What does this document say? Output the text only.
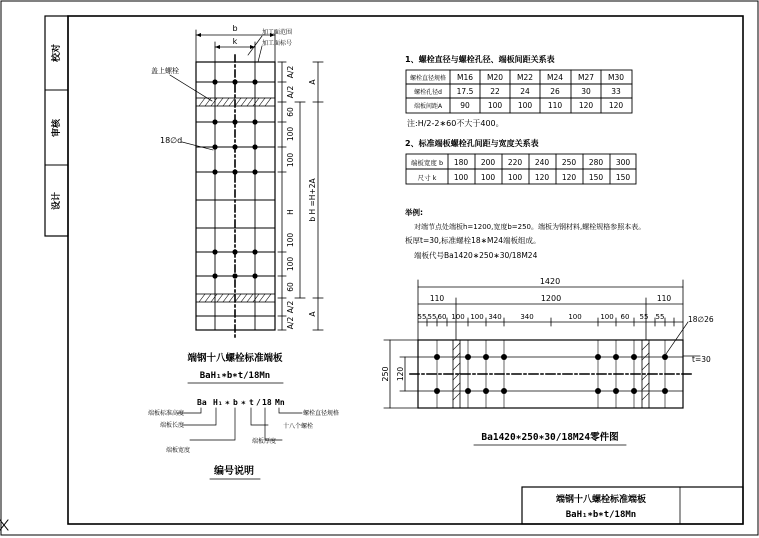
校对
审核
设计
b
k
加工面范围
加工面标号
盖上螺栓
18∅d
A/2
A/2
60
100
100
H
100
100
60
A/2
A/2
A
b H =H+2A
A
端钢十八螺栓标准端板
BaH₁∗b∗t/18Mn
Ba H₁ ∗ b ∗ t / 18 Mn
端板标准高度
端板长度
端板宽度
端板厚度
十八个螺栓
螺栓直径规格
编号说明
1、螺栓直径与螺栓孔径、端板间距关系表
螺栓直径规格 M16 M20 M22 M24 M27 M30
螺栓孔径d 17.5 22	24	26	30	33
端板间距A 90 100 100 110 120 120
注:H/2-2∗60不大于400。
2、标准端板螺栓孔间距与宽度关系表
端板宽度 b 180 200 220 240 250 280 300
尺寸 k 100 100 100 120 120 150 150
举例:
对端节点处端板h=1200,宽度b=250。端板为钢材料,螺栓规格参照本表。
板厚t=30,标准螺栓18∗M24端板组成。
端板代号Ba1420∗250∗30/18M24
1420
110	1200	110
55 55 60 100 100 340	340	100	100 60 55 55
250 120
18∅26
t=30
Ba1420∗250∗30/18M24零件图
端钢十八螺栓标准端板
BaH₁∗b∗t/18Mn
